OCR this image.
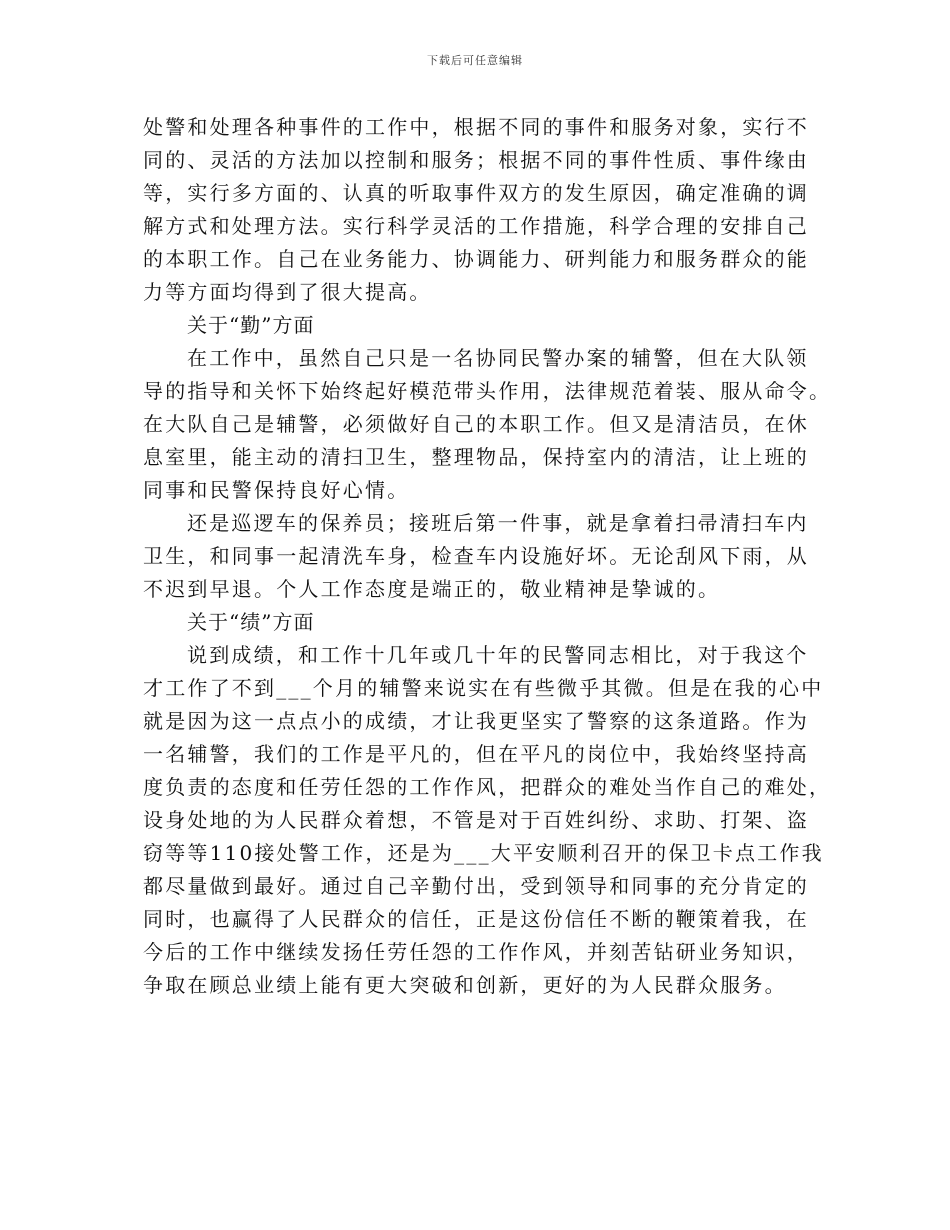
下载后可任意编辑
处警和处理各种事件的工作中，根据不同的事件和服务对象，实行不
同的、灵活的方法加以控制和服务；根据不同的事件性质、事件缘由
等，实行多方面的、认真的听取事件双方的发生原因，确定准确的调
解方式和处理方法。实行科学灵活的工作措施，科学合理的安排自己
的本职工作。自己在业务能力、协调能力、研判能力和服务群众的能
力等方面均得到了很大提高。
关于“勤”方面
在工作中，虽然自己只是一名协同民警办案的辅警，但在大队领
导的指导和关怀下始终起好模范带头作用，法律规范着装、服从命令。
在大队自己是辅警，必须做好自己的本职工作。但又是清洁员，在休
息室里，能主动的清扫卫生，整理物品，保持室内的清洁，让上班的
同事和民警保持良好心情。
还是巡逻车的保养员；接班后第一件事，就是拿着扫帚清扫车内
卫生，和同事一起清洗车身，检查车内设施好坏。无论刮风下雨，从
不迟到早退。个人工作态度是端正的，敬业精神是挚诚的。
关于“绩”方面
说到成绩，和工作十几年或几十年的民警同志相比，对于我这个
才工作了不到___个月的辅警来说实在有些微乎其微。但是在我的心中
就是因为这一点点小的成绩，才让我更坚实了警察的这条道路。作为
一名辅警，我们的工作是平凡的，但在平凡的岗位中，我始终坚持高
度负责的态度和任劳任怨的工作作风，把群众的难处当作自己的难处，
设身处地的为人民群众着想，不管是对于百姓纠纷、求助、打架、盗
窃等等110接处警工作，还是为___大平安顺利召开的保卫卡点工作我
都尽量做到最好。通过自己辛勤付出，受到领导和同事的充分肯定的
同时，也赢得了人民群众的信任，正是这份信任不断的鞭策着我，在
今后的工作中继续发扬任劳任怨的工作作风，并刻苦钻研业务知识，
争取在顾总业绩上能有更大突破和创新，更好的为人民群众服务。
